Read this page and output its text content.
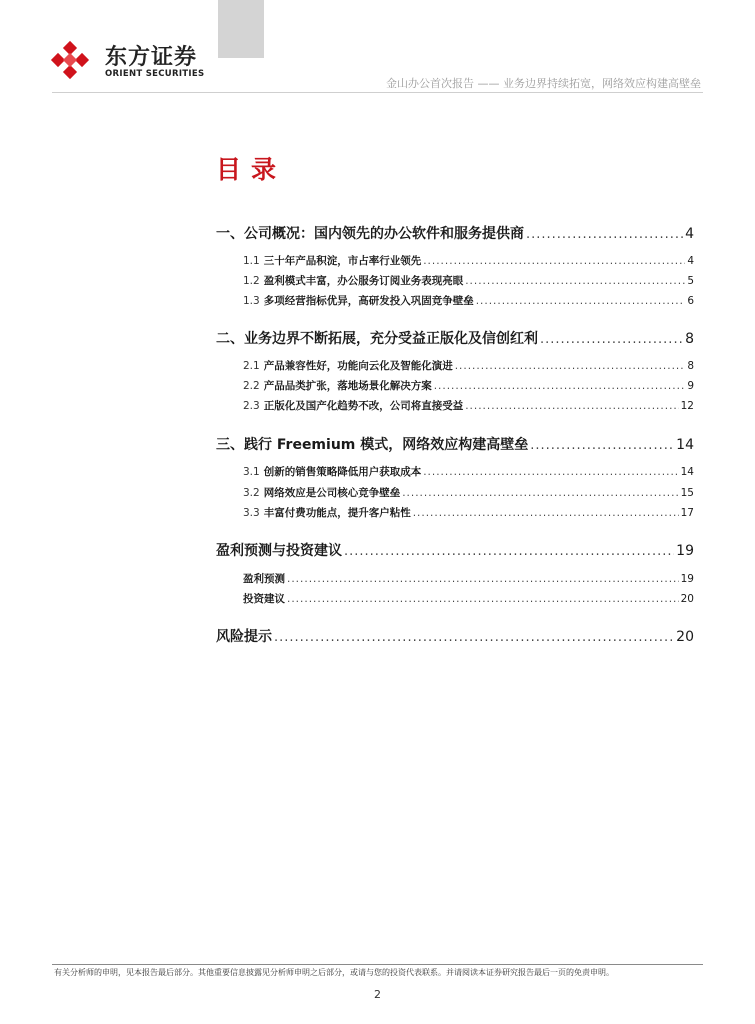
东方证券
ORIENT SECURITIES
金山办公首次报告 —— 业务边界持续拓宽，网络效应构建高壁垒
目录
一、公司概况：国内领先的办公软件和服务提供商 .....	4
1.1 三十年产品积淀，市占率行业领先 .....	4
1.2 盈利模式丰富，办公服务订阅业务表现亮眼 .....	5
1.3 多项经营指标优异，高研发投入巩固竞争壁垒 .....	6
二、业务边界不断拓展，充分受益正版化及信创红利 .....	8
2.1 产品兼容性好，功能向云化及智能化演进 .....	8
2.2 产品品类扩张，落地场景化解决方案 .....	9
2.3 正版化及国产化趋势不改，公司将直接受益 .....	12
三、践行 Freemium 模式，网络效应构建高壁垒 .....	14
3.1 创新的销售策略降低用户获取成本 .....	14
3.2 网络效应是公司核心竞争壁垒 .....	15
3.3 丰富付费功能点，提升客户粘性 .....	17
盈利预测与投资建议 .....	19
盈利预测 .....	19
投资建议 .....	20
风险提示 .....	20
有关分析师的申明，见本报告最后部分。其他重要信息披露见分析师申明之后部分，或请与您的投资代表联系。并请阅读本证券研究报告最后一页的免责申明。
2
